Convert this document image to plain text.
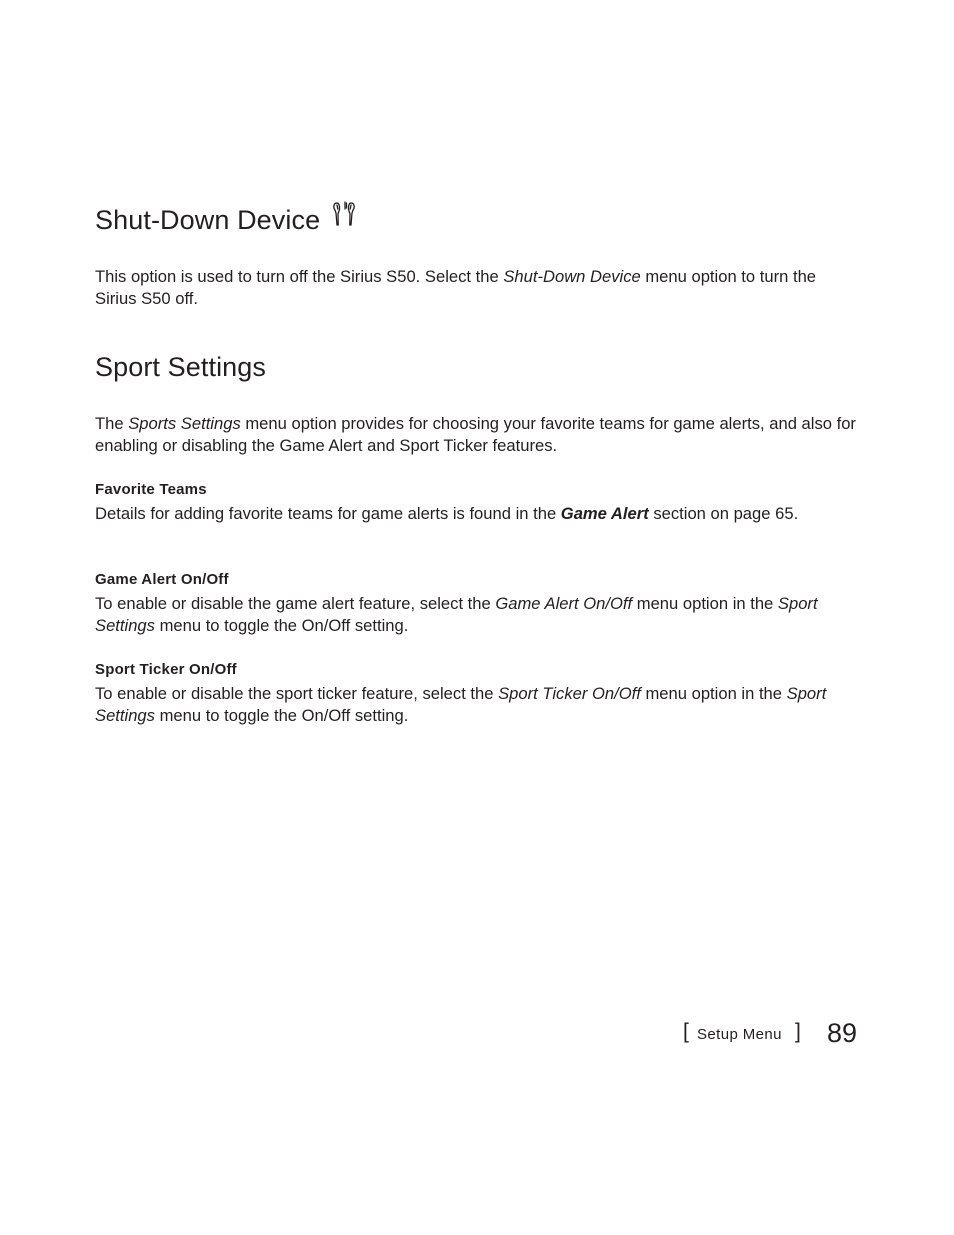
Shut-Down Device

This option is used to turn off the Sirius S50. Select the Shut-Down Device menu option to turn the Sirius S50 off.

Sport Settings

The Sports Settings menu option provides for choosing your favorite teams for game alerts, and also for enabling or disabling the Game Alert and Sport Ticker features.

Favorite Teams

Details for adding favorite teams for game alerts is found in the Game Alert section on page 65.

Game Alert On/Off

To enable or disable the game alert feature, select the Game Alert On/Off menu option in the Sport Settings menu to toggle the On/Off setting.

Sport Ticker On/Off

To enable or disable the sport ticker feature, select the Sport Ticker On/Off menu option in the Sport Settings menu to toggle the On/Off setting.

[ Setup Menu ] 89
